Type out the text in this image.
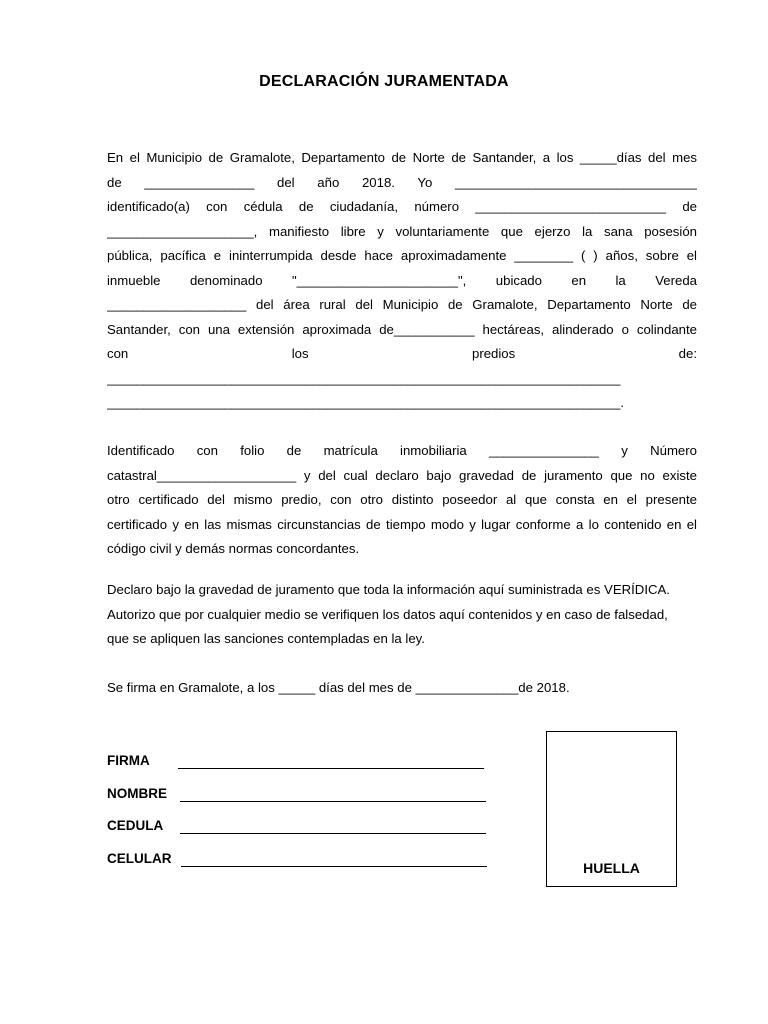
DECLARACIÓN JURAMENTADA
En el Municipio de Gramalote, Departamento de Norte de Santander, a los _____días del mes
de _______________ del año 2018. Yo _________________________________
identificado(a) con cédula de ciudadanía, número __________________________ de
____________________, manifiesto libre y voluntariamente que ejerzo la sana posesión
pública, pacífica e ininterrumpida desde hace aproximadamente ________ ( ) años, sobre el
inmueble denominado "______________________", ubicado en la Vereda
___________________ del área rural del Municipio de Gramalote, Departamento Norte de
Santander, con una extensión aproximada de___________ hectáreas, alinderado o colindante
con los predios de:
______________________________________________________________________
______________________________________________________________________.
Identificado con folio de matrícula inmobiliaria _______________ y Número
catastral___________________ y del cual declaro bajo gravedad de juramento que no existe
otro certificado del mismo predio, con otro distinto poseedor al que consta en el presente
certificado y en las mismas circunstancias de tiempo modo y lugar conforme a lo contenido en el
código civil y demás normas concordantes.
Declaro bajo la gravedad de juramento que toda la información aquí suministrada es VERÍDICA.
Autorizo que por cualquier medio se verifiquen los datos aquí contenidos y en caso de falsedad,
que se apliquen las sanciones contempladas en la ley.
Se firma en Gramalote, a los _____ días del mes de ______________de 2018.
FIRMA
NOMBRE
CEDULA
CELULAR
HUELLA
